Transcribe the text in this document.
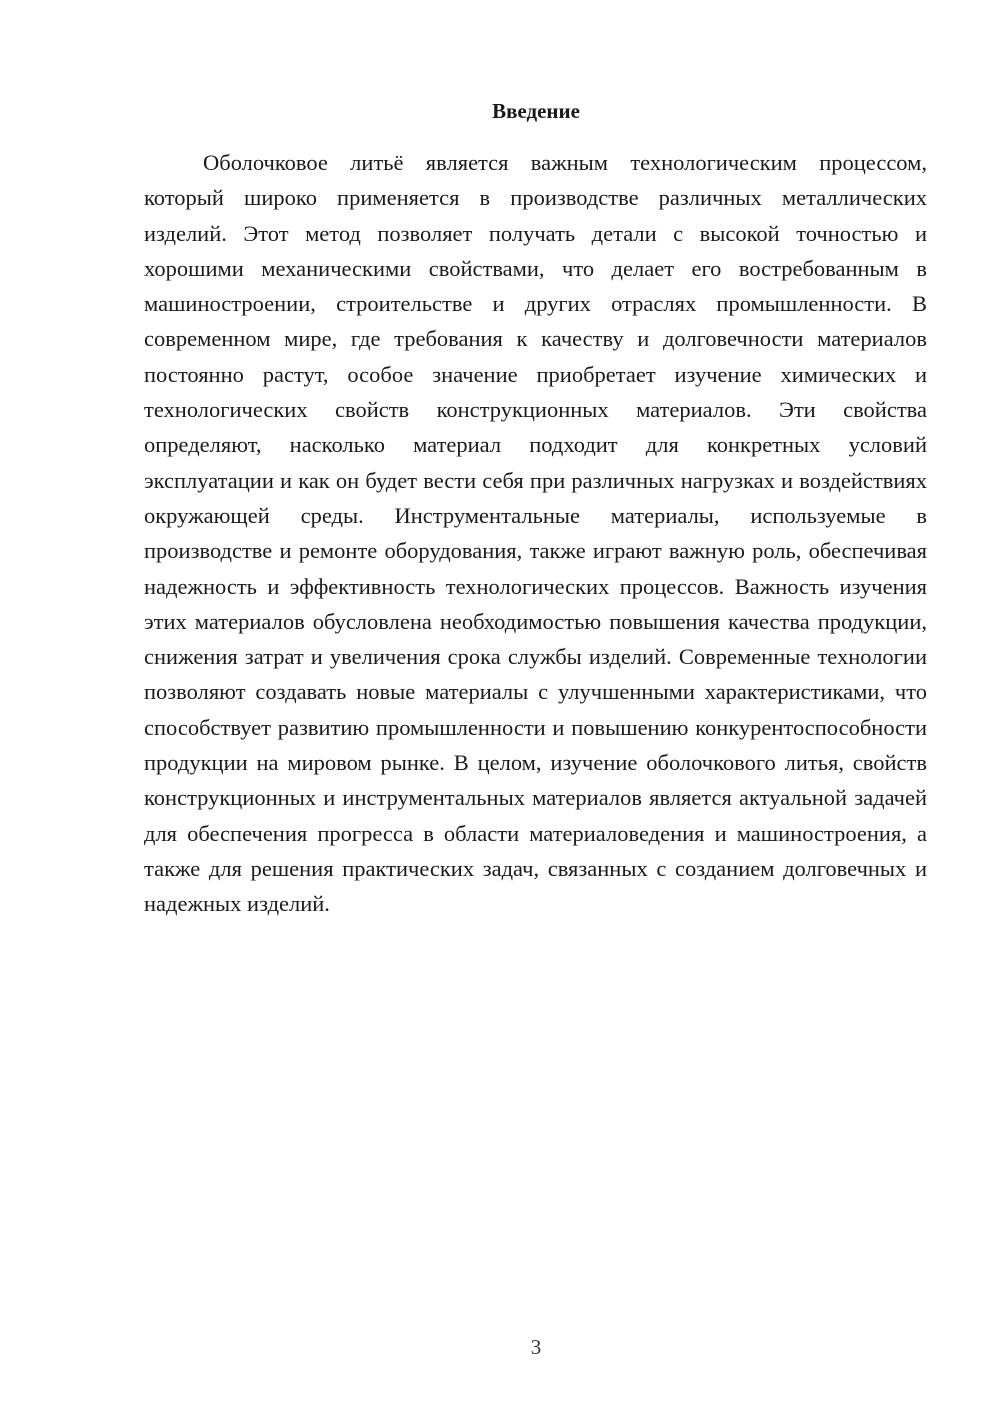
Введение

Оболочковое литьё является важным технологическим процессом, который широко применяется в производстве различных металлических изделий. Этот метод позволяет получать детали с высокой точностью и хорошими механическими свойствами, что делает его востребованным в машиностроении, строительстве и других отраслях промышленности. В современном мире, где требования к качеству и долговечности материалов постоянно растут, особое значение приобретает изучение химических и технологических свойств конструкционных материалов. Эти свойства определяют, насколько материал подходит для конкретных условий эксплуатации и как он будет вести себя при различных нагрузках и воздействиях окружающей среды. Инструментальные материалы, используемые в производстве и ремонте оборудования, также играют важную роль, обеспечивая надежность и эффективность технологических процессов. Важность изучения этих материалов обусловлена необходимостью повышения качества продукции, снижения затрат и увеличения срока службы изделий. Современные технологии позволяют создавать новые материалы с улучшенными характеристиками, что способствует развитию промышленности и повышению конкурентоспособности продукции на мировом рынке. В целом, изучение оболочкового литья, свойств конструкционных и инструментальных материалов является актуальной задачей для обеспечения прогресса в области материаловедения и машиностроения, а также для решения практических задач, связанных с созданием долговечных и надежных изделий.

3
